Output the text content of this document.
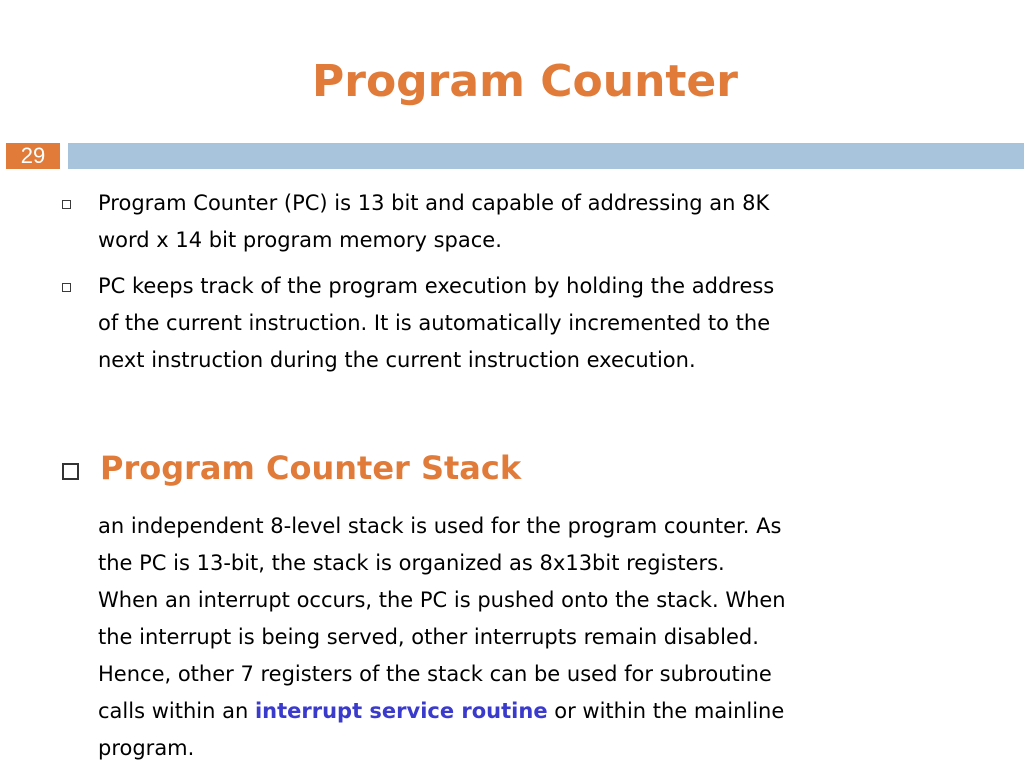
Program Counter
29
Program Counter (PC) is 13 bit and capable of addressing an 8K
word x 14 bit program memory space.
PC keeps track of the program execution by holding the address
of the current instruction. It is automatically incremented to the
next instruction during the current instruction execution.
Program Counter Stack
an independent 8-level stack is used for the program counter. As
the PC is 13-bit, the stack is organized as 8x13bit registers.
When an interrupt occurs, the PC is pushed onto the stack. When
the interrupt is being served, other interrupts remain disabled.
Hence, other 7 registers of the stack can be used for subroutine
calls within an interrupt service routine or within the mainline
program.
